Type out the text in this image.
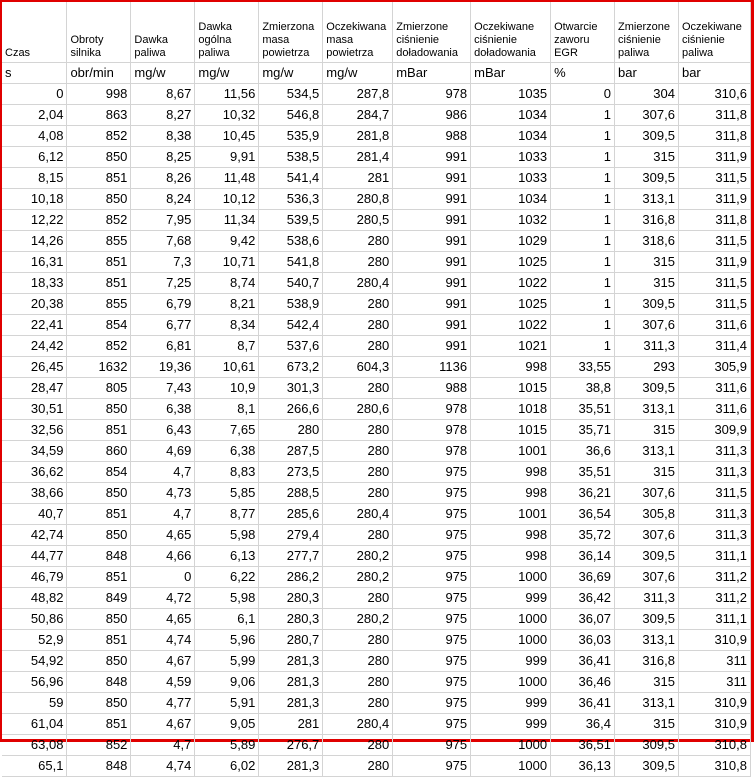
Czas	Obroty silnika	Dawka paliwa	Dawka ogólna paliwa	Zmierzona masa powietrza	Oczekiwana masa powietrza	Zmierzone ciśnienie doładowania	Oczekiwane ciśnienie doładowania	Otwarcie zaworu EGR	Zmierzone ciśnienie paliwa	Oczekiwane ciśnienie paliwa
s	obr/min	mg/w	mg/w	mg/w	mg/w	mBar	mBar	%	bar	bar
0	998	8,67	11,56	534,5	287,8	978	1035	0	304	310,6
2,04	863	8,27	10,32	546,8	284,7	986	1034	1	307,6	311,8
4,08	852	8,38	10,45	535,9	281,8	988	1034	1	309,5	311,8
6,12	850	8,25	9,91	538,5	281,4	991	1033	1	315	311,9
8,15	851	8,26	11,48	541,4	281	991	1033	1	309,5	311,5
10,18	850	8,24	10,12	536,3	280,8	991	1034	1	313,1	311,9
12,22	852	7,95	11,34	539,5	280,5	991	1032	1	316,8	311,8
14,26	855	7,68	9,42	538,6	280	991	1029	1	318,6	311,5
16,31	851	7,3	10,71	541,8	280	991	1025	1	315	311,9
18,33	851	7,25	8,74	540,7	280,4	991	1022	1	315	311,5
20,38	855	6,79	8,21	538,9	280	991	1025	1	309,5	311,5
22,41	854	6,77	8,34	542,4	280	991	1022	1	307,6	311,6
24,42	852	6,81	8,7	537,6	280	991	1021	1	311,3	311,4
26,45	1632	19,36	10,61	673,2	604,3	1136	998	33,55	293	305,9
28,47	805	7,43	10,9	301,3	280	988	1015	38,8	309,5	311,6
30,51	850	6,38	8,1	266,6	280,6	978	1018	35,51	313,1	311,6
32,56	851	6,43	7,65	280	280	978	1015	35,71	315	309,9
34,59	860	4,69	6,38	287,5	280	978	1001	36,6	313,1	311,3
36,62	854	4,7	8,83	273,5	280	975	998	35,51	315	311,3
38,66	850	4,73	5,85	288,5	280	975	998	36,21	307,6	311,5
40,7	851	4,7	8,77	285,6	280,4	975	1001	36,54	305,8	311,3
42,74	850	4,65	5,98	279,4	280	975	998	35,72	307,6	311,3
44,77	848	4,66	6,13	277,7	280,2	975	998	36,14	309,5	311,1
46,79	851	0	6,22	286,2	280,2	975	1000	36,69	307,6	311,2
48,82	849	4,72	5,98	280,3	280	975	999	36,42	311,3	311,2
50,86	850	4,65	6,1	280,3	280,2	975	1000	36,07	309,5	311,1
52,9	851	4,74	5,96	280,7	280	975	1000	36,03	313,1	310,9
54,92	850	4,67	5,99	281,3	280	975	999	36,41	316,8	311
56,96	848	4,59	9,06	281,3	280	975	1000	36,46	315	311
59	850	4,77	5,91	281,3	280	975	999	36,41	313,1	310,9
61,04	851	4,67	9,05	281	280,4	975	999	36,4	315	310,9
63,08	852	4,7	5,89	276,7	280	975	1000	36,51	309,5	310,8
65,1	848	4,74	6,02	281,3	280	975	1000	36,13	309,5	310,8
